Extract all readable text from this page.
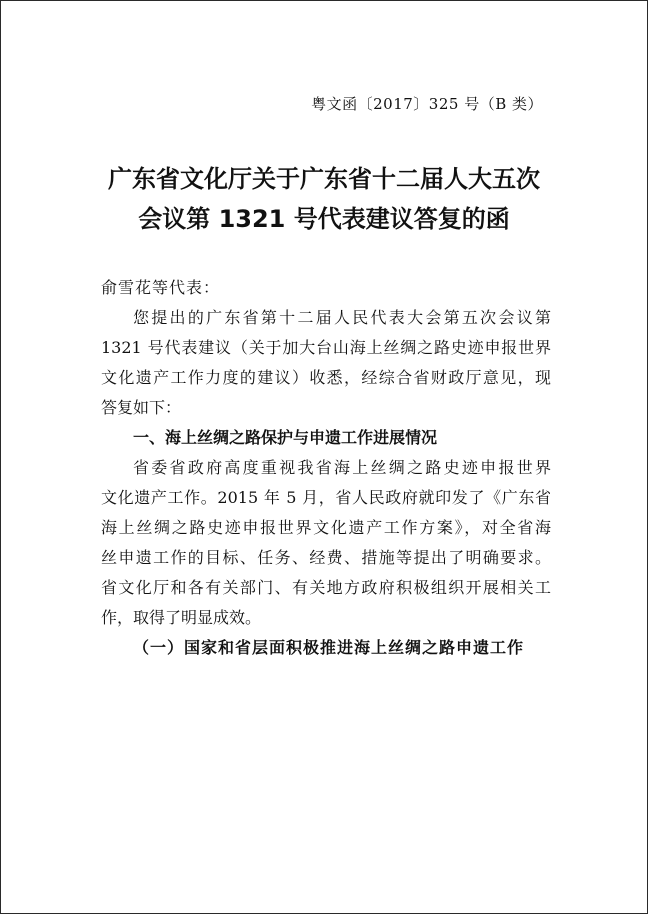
粤文函〔2017〕325 号（B 类）
广东省文化厅关于广东省十二届人大五次
会议第 1321 号代表建议答复的函
俞雪花等代表：
您提出的广东省第十二届人民代表大会第五次会议第
1321 号代表建议（关于加大台山海上丝绸之路史迹申报世界
文化遗产工作力度的建议）收悉，经综合省财政厅意见，现
答复如下：
一、海上丝绸之路保护与申遗工作进展情况
省委省政府高度重视我省海上丝绸之路史迹申报世界
文化遗产工作。2015 年 5 月，省人民政府就印发了《广东省
海上丝绸之路史迹申报世界文化遗产工作方案》，对全省海
丝申遗工作的目标、任务、经费、措施等提出了明确要求。
省文化厅和各有关部门、有关地方政府积极组织开展相关工
作，取得了明显成效。
（一）国家和省层面积极推进海上丝绸之路申遗工作
